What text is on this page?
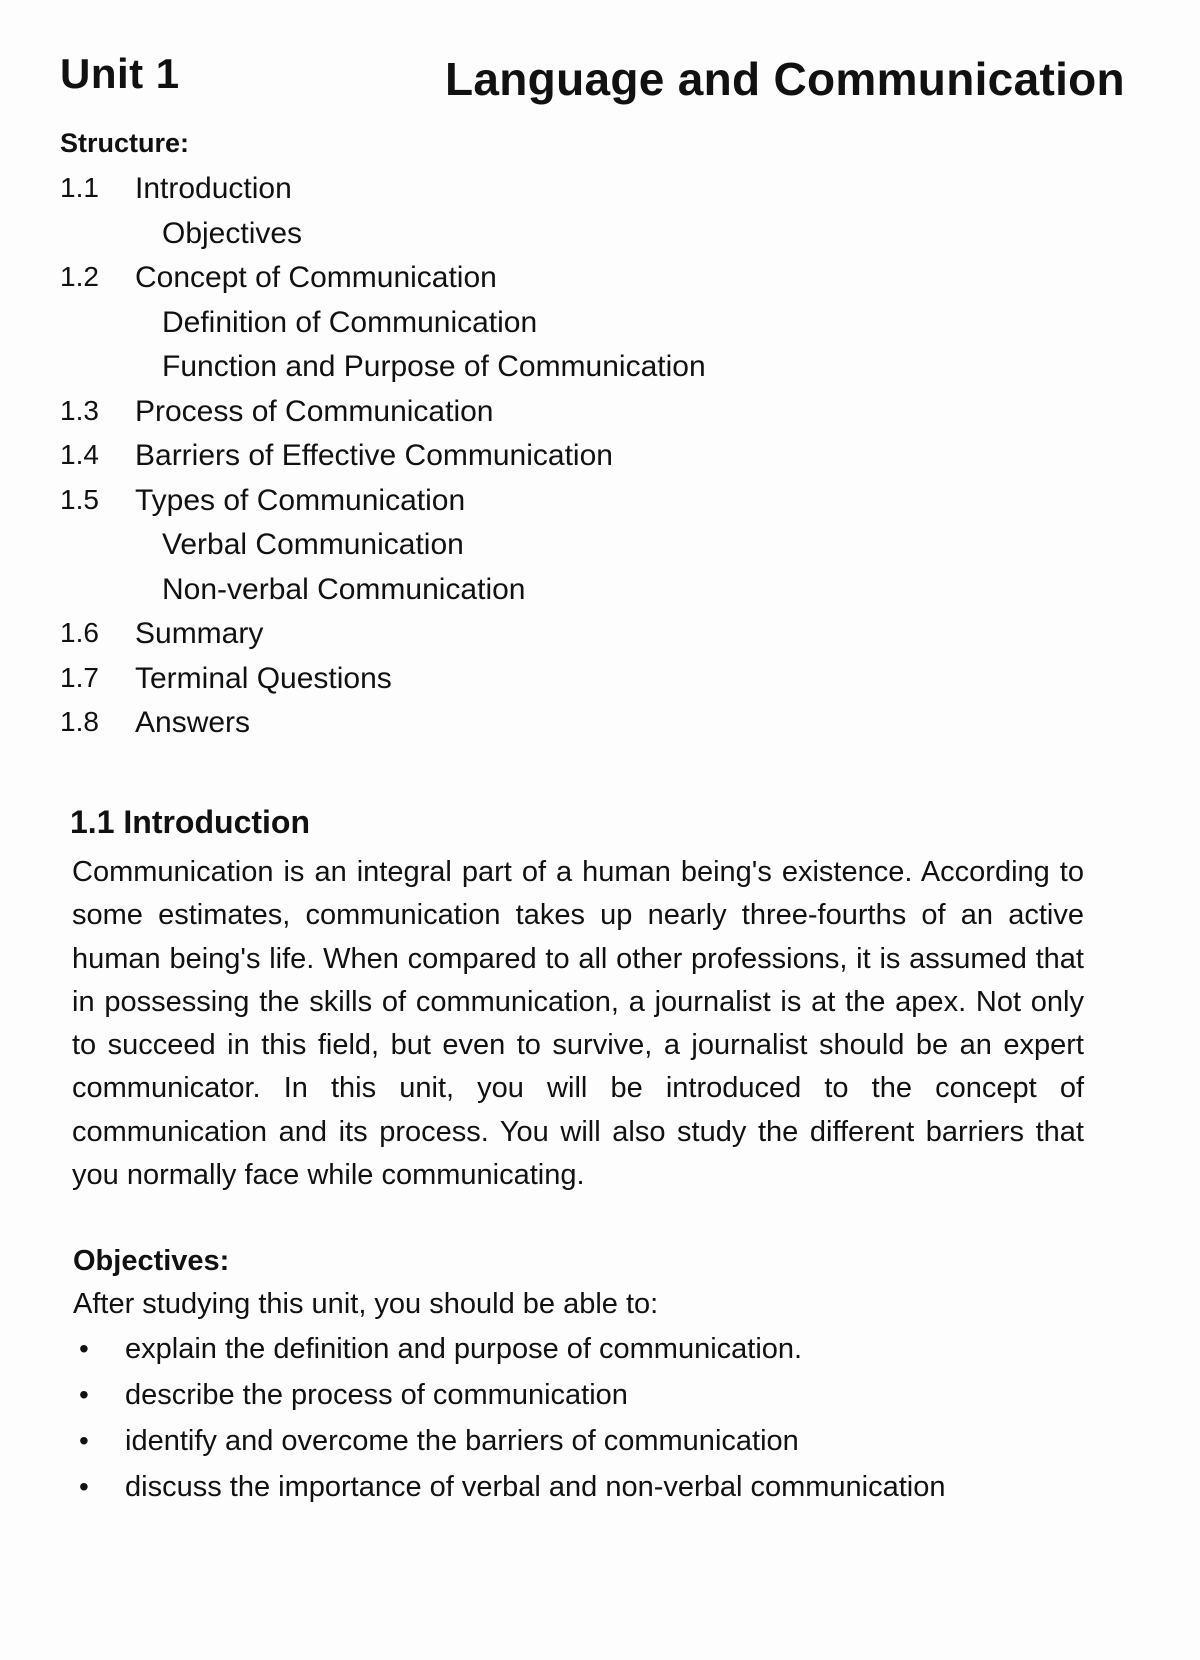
Unit 1	Language and Communication
Structure:
1.1	Introduction
Objectives
1.2	Concept of Communication
Definition of Communication
Function and Purpose of Communication
1.3	Process of Communication
1.4	Barriers of Effective Communication
1.5	Types of Communication
Verbal Communication
Non-verbal Communication
1.6	Summary
1.7	Terminal Questions
1.8	Answers
1.1 Introduction
Communication is an integral part of a human being's existence. According to some estimates, communication takes up nearly three-fourths of an active human being's life. When compared to all other professions, it is assumed that in possessing the skills of communication, a journalist is at the apex. Not only to succeed in this field, but even to survive, a journalist should be an expert communicator. In this unit, you will be introduced to the concept of communication and its process. You will also study the different barriers that you normally face while communicating.
Objectives:
After studying this unit, you should be able to:
• explain the definition and purpose of communication.
• describe the process of communication
• identify and overcome the barriers of communication
• discuss the importance of verbal and non-verbal communication
